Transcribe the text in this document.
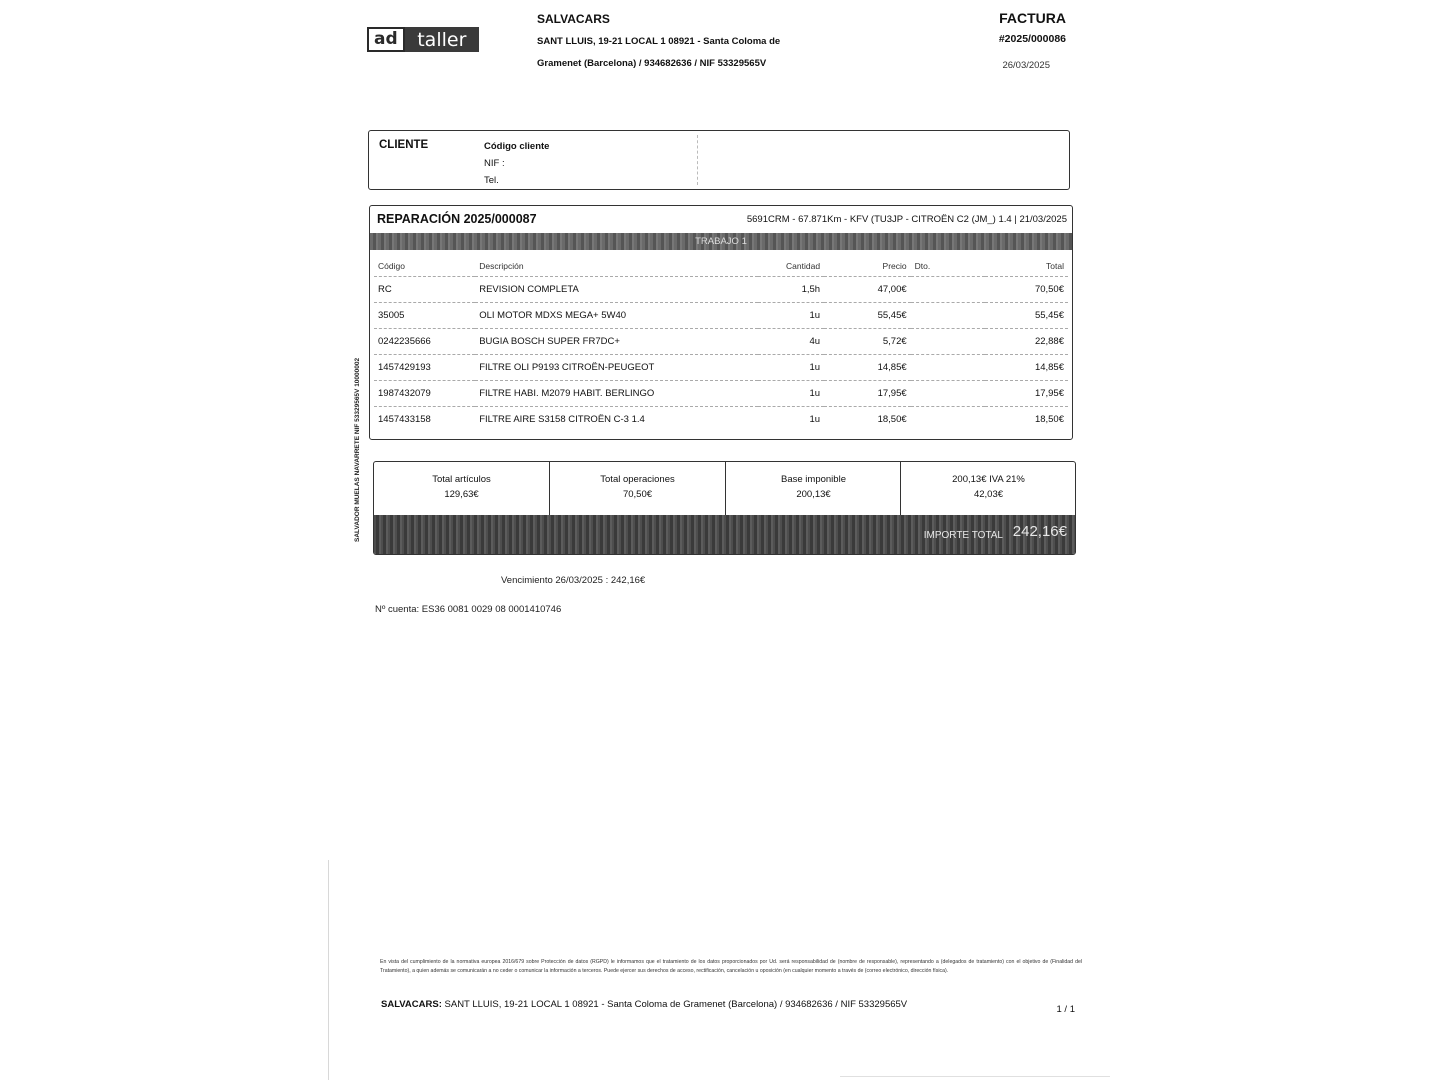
ad	taller
SALVACARS
SANT LLUIS, 19-21 LOCAL 1 08921 - Santa Coloma de Gramenet (Barcelona) / 934682636 / NIF 53329565V
FACTURA
#2025/000086
26/03/2025
CLIENTE	Código cliente
NIF :
Tel.
REPARACIÓN 2025/000087	5691CRM - 67.871Km - KFV (TU3JP - CITROËN C2 (JM_) 1.4 | 21/03/2025
TRABAJO 1
Código	Descripción	Cantidad	Precio	Dto.	Total
RC	REVISION COMPLETA	1,5h	47,00€		70,50€
35005	OLI MOTOR MDXS MEGA+ 5W40	1u	55,45€		55,45€
0242235666	BUGIA BOSCH SUPER FR7DC+	4u	5,72€		22,88€
1457429193	FILTRE OLI P9193 CITROËN-PEUGEOT	1u	14,85€		14,85€
1987432079	FILTRE HABI. M2079 HABIT. BERLINGO	1u	17,95€		17,95€
1457433158	FILTRE AIRE S3158 CITROËN C-3 1.4	1u	18,50€		18,50€
Total artículos
129,63€
Total operaciones
70,50€
Base imponible
200,13€
200,13€ IVA 21%
42,03€
IMPORTE TOTAL 242,16€
Vencimiento 26/03/2025 : 242,16€
Nº cuenta: ES36 0081 0029 08 0001410746
SALVADOR MUELAS NAVARRETE NIF 53329565V 10000002
En vista del cumplimiento de la normativa europea 2016/679 sobre Protección de datos (RGPD) le informamos que el tratamiento de los datos proporcionados por Ud. será responsabilidad de (nombre de responsable), representando a (delegados de tratamiento) con el objetivo de (Finalidad del Tratamiento), a quien además se comunicarán a no ceder o comunicar la información a terceros. Puede ejercer sus derechos de acceso, rectificación, cancelación u oposición (en cualquier momento a través de (correo electrónico, dirección física).
SALVACARS: SANT LLUIS, 19-21 LOCAL 1 08921 - Santa Coloma de Gramenet (Barcelona) / 934682636 / NIF 53329565V	1 / 1
